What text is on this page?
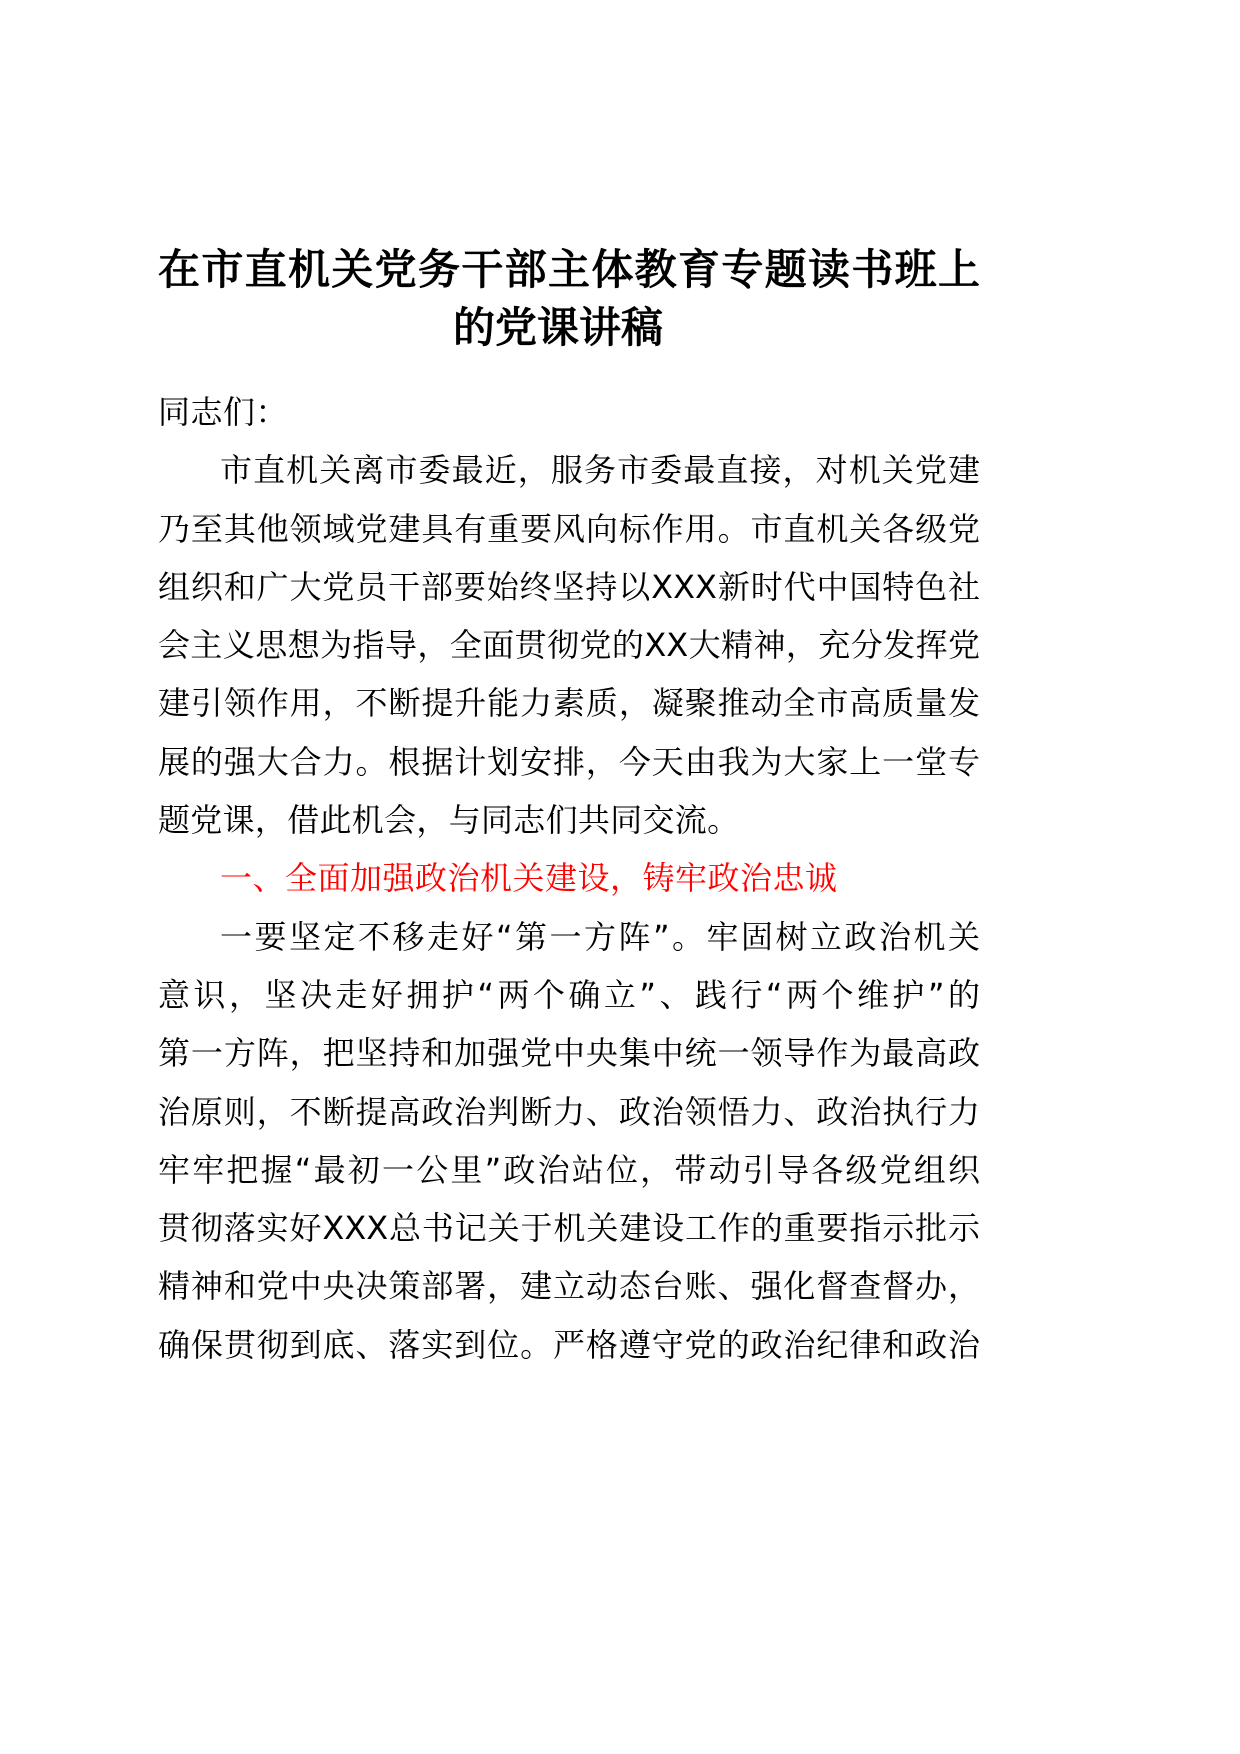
在市直机关党务干部主体教育专题读书班上
的党课讲稿
同志们：
市直机关离市委最近，服务市委最直接，对机关党建
乃至其他领域党建具有重要风向标作用。市直机关各级党
组织和广大党员干部要始终坚持以XXX新时代中国特色社
会主义思想为指导，全面贯彻党的XX大精神，充分发挥党
建引领作用，不断提升能力素质，凝聚推动全市高质量发
展的强大合力。根据计划安排，今天由我为大家上一堂专
题党课，借此机会，与同志们共同交流。
一、全面加强政治机关建设，铸牢政治忠诚
一要坚定不移走好“第一方阵”。牢固树立政治机关
意识，坚决走好拥护“两个确立”、践行“两个维护”的
第一方阵，把坚持和加强党中央集中统一领导作为最高政
治原则，不断提高政治判断力、政治领悟力、政治执行力
牢牢把握“最初一公里”政治站位，带动引导各级党组织
贯彻落实好XXX总书记关于机关建设工作的重要指示批示
精神和党中央决策部署，建立动态台账、强化督查督办，
确保贯彻到底、落实到位。严格遵守党的政治纪律和政治
